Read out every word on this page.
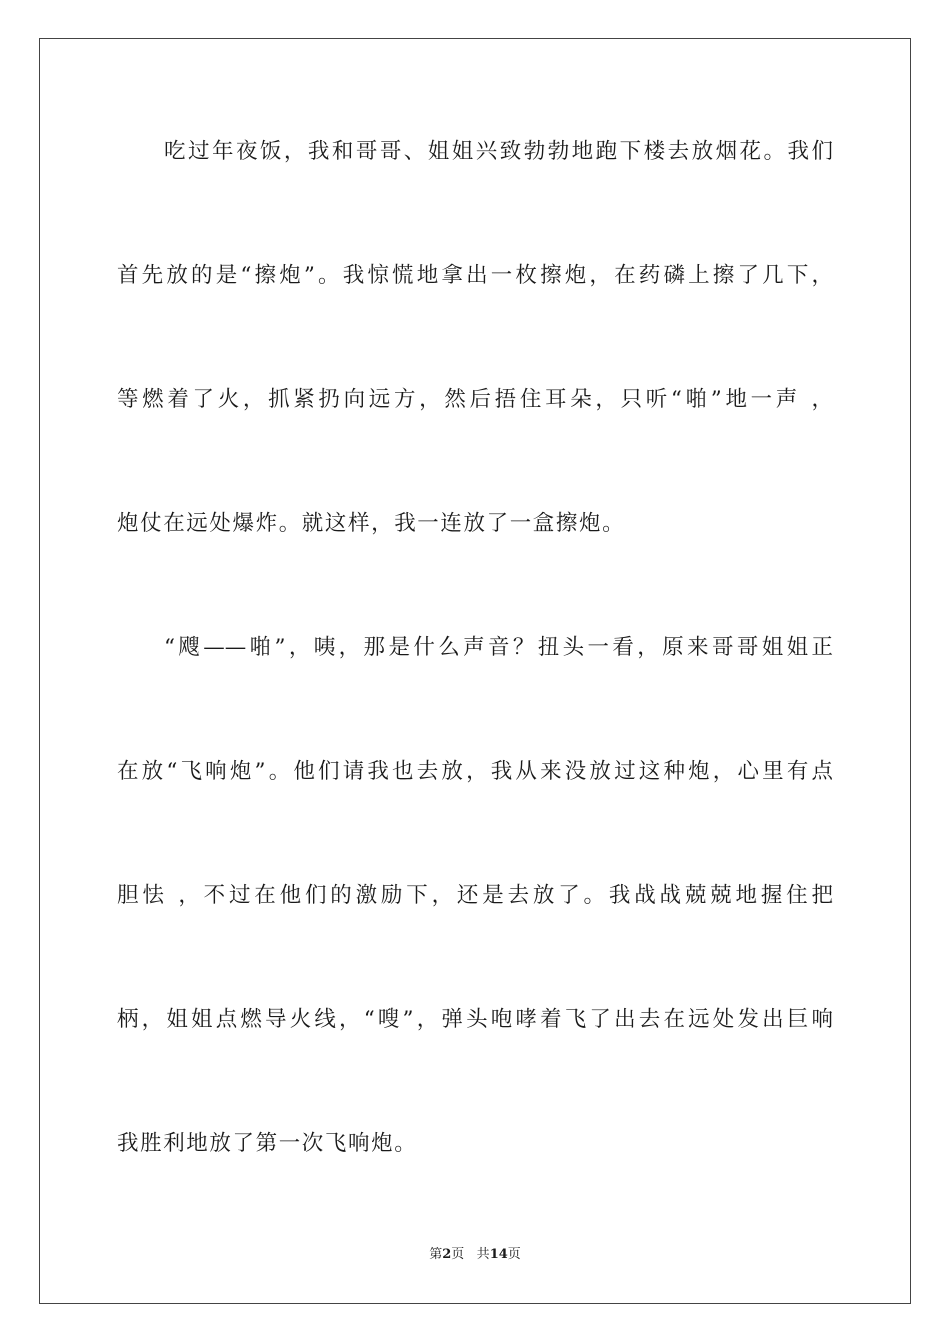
吃过年夜饭，我和哥哥、姐姐兴致勃勃地跑下楼去放烟花。我们
首先放的是“擦炮”。我惊慌地拿出一枚擦炮，在药磷上擦了几下，
等燃着了火，抓紧扔向远方，然后捂住耳朵，只听“啪”地一声 ，
炮仗在远处爆炸。就这样，我一连放了一盒擦炮。
“飕——啪”，咦，那是什么声音？扭头一看，原来哥哥姐姐正
在放“飞响炮”。他们请我也去放，我从来没放过这种炮，心里有点
胆怯 ，不过在他们的激励下，还是去放了。我战战兢兢地握住把
柄，姐姐点燃导火线，“嗖”，弹头咆哮着飞了出去在远处发出巨响
我胜利地放了第一次飞响炮。
第2页 共14页
